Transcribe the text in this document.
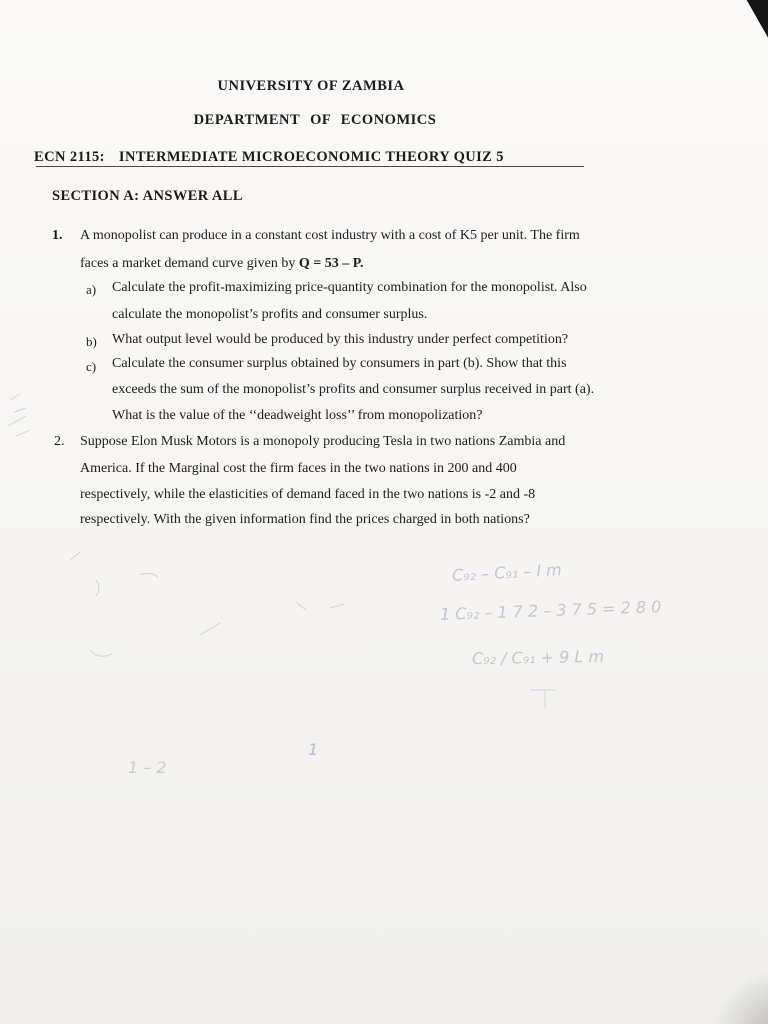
UNIVERSITY OF ZAMBIA
DEPARTMENT OF ECONOMICS
ECN 2115: INTERMEDIATE MICROECONOMIC THEORY QUIZ 5
SECTION A: ANSWER ALL
1. A monopolist can produce in a constant cost industry with a cost of K5 per unit. The firm
faces a market demand curve given by Q = 53 – P.
a) Calculate the profit-maximizing price-quantity combination for the monopolist. Also
calculate the monopolist’s profits and consumer surplus.
b) What output level would be produced by this industry under perfect competition?
c) Calculate the consumer surplus obtained by consumers in part (b). Show that this
exceeds the sum of the monopolist’s profits and consumer surplus received in part (a).
What is the value of the ‘‘deadweight loss’’ from monopolization?
2. Suppose Elon Musk Motors is a monopoly producing Tesla in two nations Zambia and
America. If the Marginal cost the firm faces in the two nations in 200 and 400
respectively, while the elasticities of demand faced in the two nations is -2 and -8
respectively. With the given information find the prices charged in both nations?
C₉₂ – C₉₁ – I m
1 C₉₂ – 1 7 2 – 3 7 5 = 2 8 0
C₉₂ / C₉₁ + 9 L m
1
1 – 2
